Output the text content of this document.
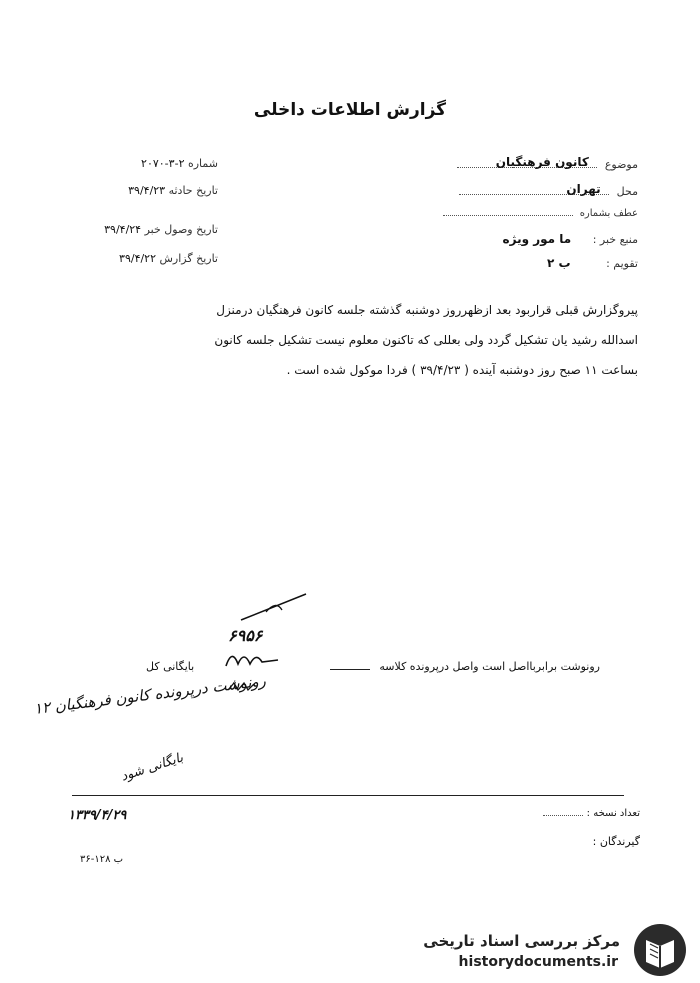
گزارش اطلاعات داخلی
موضوع  کانون فرهنگیان
محل  تهران
عطف بشماره
منبع خبر : ما مور ویژه
تقویم : ب ۲
شماره ۲-۳-۲۰۷۰
تاریخ حادثه ۳۹/۴/۲۳
تاریخ وصول خبر ۳۹/۴/۲۴
تاریخ گزارش ۳۹/۴/۲۲
پیروگزارش قبلی قراربود بعد ازظهرروز دوشنبه گذشته جلسه کانون فرهنگیان درمنزل
اسدالله رشید یان تشکیل گردد ولی بعللی که تاکنون معلوم نیست تشکیل جلسه کانون
بساعت ۱۱ صبح روز دوشنبه آینده ( ۳۹/۴/۲۳ ) فردا موکول شده است .
۶۹۵۶
رونوشت برابربااصل است واصل درپرونده کلاسه
بایگانی کل
رونوشت درپرونده کانون فرهنگیان ۱۲
بایگانی شود
۱۳۳۹/۴/۲۹	تعداد نسخه :
گیرندگان :
۳۶-۱۲۸ ب
مرکز بررسی اسناد تاریخی
historydocuments.ir
